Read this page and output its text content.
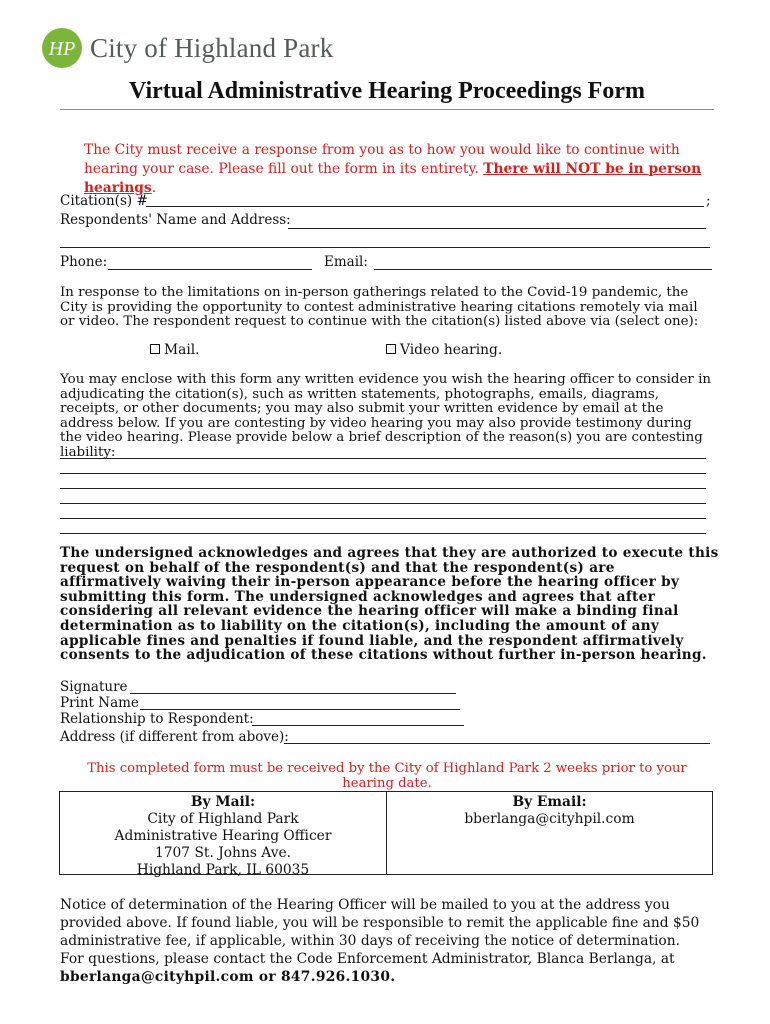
HP City of Highland Park
Virtual Administrative Hearing Proceedings Form
The City must receive a response from you as to how you would like to continue with hearing your case. Please fill out the form in its entirety. There will NOT be in person hearings.
Citation(s) #	;
Respondents' Name and Address:
Phone:	Email:
In response to the limitations on in-person gatherings related to the Covid-19 pandemic, the City is providing the opportunity to contest administrative hearing citations remotely via mail or video. The respondent request to continue with the citation(s) listed above via (select one):
Mail.	Video hearing.
You may enclose with this form any written evidence you wish the hearing officer to consider in adjudicating the citation(s), such as written statements, photographs, emails, diagrams, receipts, or other documents; you may also submit your written evidence by email at the address below. If you are contesting by video hearing you may also provide testimony during the video hearing. Please provide below a brief description of the reason(s) you are contesting liability:
The undersigned acknowledges and agrees that they are authorized to execute this request on behalf of the respondent(s) and that the respondent(s) are affirmatively waiving their in-person appearance before the hearing officer by submitting this form. The undersigned acknowledges and agrees that after considering all relevant evidence the hearing officer will make a binding final determination as to liability on the citation(s), including the amount of any applicable fines and penalties if found liable, and the respondent affirmatively consents to the adjudication of these citations without further in-person hearing.
Signature
Print Name
Relationship to Respondent:
Address (if different from above):
This completed form must be received by the City of Highland Park 2 weeks prior to your hearing date.
By Mail:
City of Highland Park
Administrative Hearing Officer
1707 St. Johns Ave.
Highland Park, IL 60035
By Email:
bberlanga@cityhpil.com
Notice of determination of the Hearing Officer will be mailed to you at the address you provided above. If found liable, you will be responsible to remit the applicable fine and $50 administrative fee, if applicable, within 30 days of receiving the notice of determination.
For questions, please contact the Code Enforcement Administrator, Blanca Berlanga, at
bberlanga@cityhpil.com or 847.926.1030.
